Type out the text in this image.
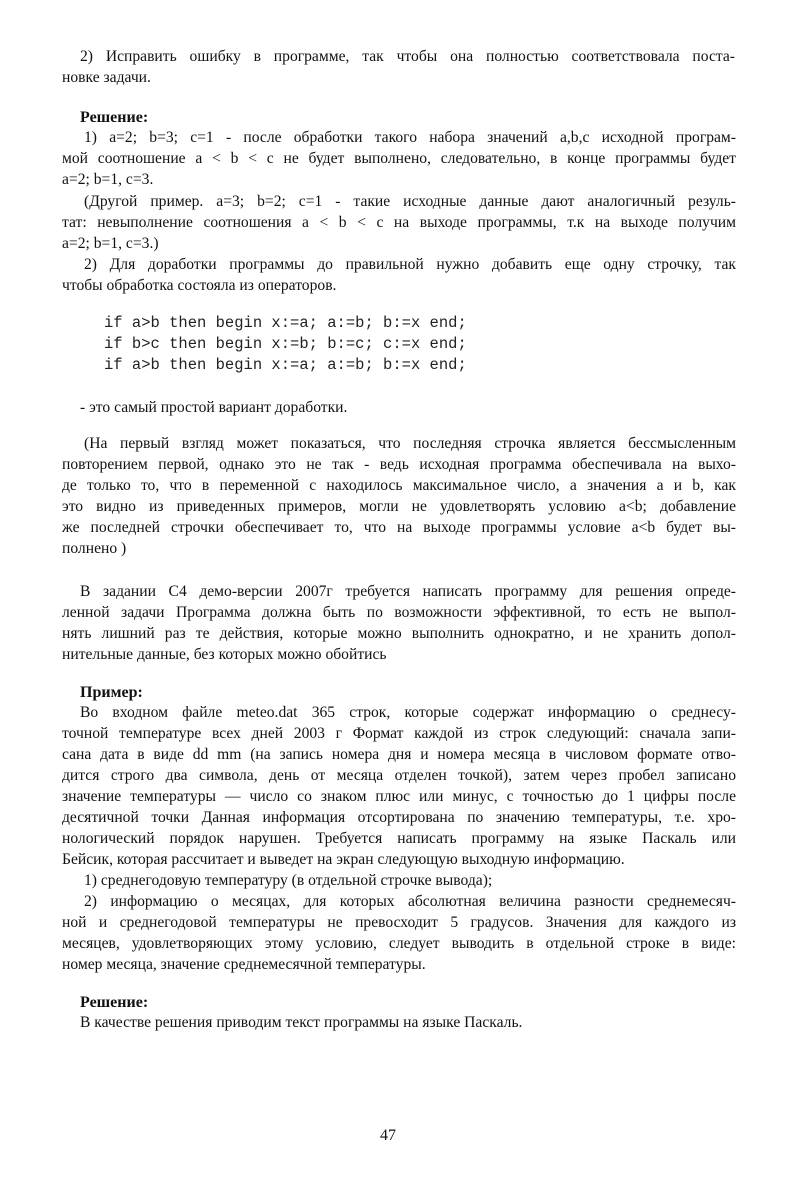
2) Исправить ошибку в программе, так чтобы она полностью соответствовала поста-
новке задачи.
Решение:
1) a=2; b=3; c=1 - после обработки такого набора значений a,b,c исходной програм-
мой соотношение a < b < c не будет выполнено, следовательно, в конце программы будет
a=2; b=1, c=3.
(Другой пример. a=3; b=2; c=1 - такие исходные данные дают аналогичный резуль-
тат: невыполнение соотношения a < b < c на выходе программы, т.к на выходе получим
a=2; b=1, c=3.)
2) Для доработки программы до правильной нужно добавить еще одну строчку, так
чтобы обработка состояла из операторов.
if a>b then begin x:=a; a:=b; b:=x end;
if b>c then begin x:=b; b:=c; c:=x end;
if a>b then begin x:=a; a:=b; b:=x end;
- это самый простой вариант доработки.
(На первый взгляд может показаться, что последняя строчка является бессмысленным
повторением первой, однако это не так - ведь исходная программа обеспечивала на выхо-
де только то, что в переменной c находилось максимальное число, а значения a и b, как
это видно из приведенных примеров, могли не удовлетворять условию a<b; добавление
же последней строчки обеспечивает то, что на выходе программы условие a<b будет вы-
полнено )
В задании С4 демо-версии 2007г требуется написать программу для решения опреде-
ленной задачи Программа должна быть по возможности эффективной, то есть не выпол-
нять лишний раз те действия, которые можно выполнить однократно, и не хранить допол-
нительные данные, без которых можно обойтись
Пример:
Во входном файле meteo.dat 365 строк, которые содержат информацию о среднесу-
точной температуре всех дней 2003 г Формат каждой из строк следующий: сначала запи-
сана дата в виде dd mm (на запись номера дня и номера месяца в числовом формате отво-
дится строго два символа, день от месяца отделен точкой), затем через пробел записано
значение температуры — число со знаком плюс или минус, с точностью до 1 цифры после
десятичной точки Данная информация отсортирована по значению температуры, т.е. хро-
нологический порядок нарушен. Требуется написать программу на языке Паскаль или
Бейсик, которая рассчитает и выведет на экран следующую выходную информацию.
1) среднегодовую температуру (в отдельной строчке вывода);
2) информацию о месяцах, для которых абсолютная величина разности среднемесяч-
ной и среднегодовой температуры не превосходит 5 градусов. Значения для каждого из
месяцев, удовлетворяющих этому условию, следует выводить в отдельной строке в виде:
номер месяца, значение среднемесячной температуры.
Решение:
В качестве решения приводим текст программы на языке Паскаль.
47
